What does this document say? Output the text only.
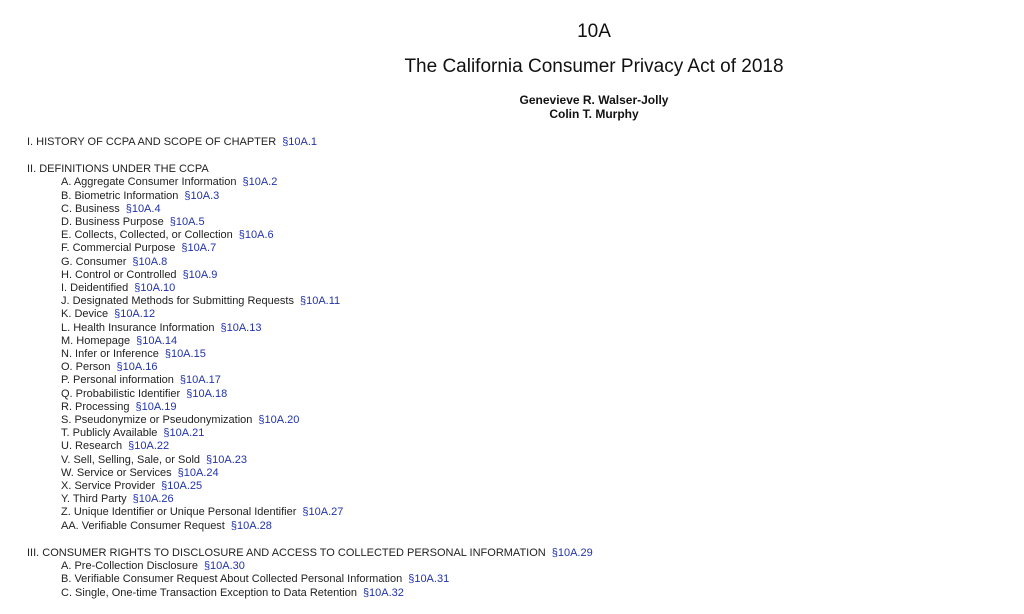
10A
The California Consumer Privacy Act of 2018
Genevieve R. Walser-Jolly
Colin T. Murphy
I. HISTORY OF CCPA AND SCOPE OF CHAPTER §10A.1
II. DEFINITIONS UNDER THE CCPA
A. Aggregate Consumer Information §10A.2
B. Biometric Information §10A.3
C. Business §10A.4
D. Business Purpose §10A.5
E. Collects, Collected, or Collection §10A.6
F. Commercial Purpose §10A.7
G. Consumer §10A.8
H. Control or Controlled §10A.9
I. Deidentified §10A.10
J. Designated Methods for Submitting Requests §10A.11
K. Device §10A.12
L. Health Insurance Information §10A.13
M. Homepage §10A.14
N. Infer or Inference §10A.15
O. Person §10A.16
P. Personal information §10A.17
Q. Probabilistic Identifier §10A.18
R. Processing §10A.19
S. Pseudonymize or Pseudonymization §10A.20
T. Publicly Available §10A.21
U. Research §10A.22
V. Sell, Selling, Sale, or Sold §10A.23
W. Service or Services §10A.24
X. Service Provider §10A.25
Y. Third Party §10A.26
Z. Unique Identifier or Unique Personal Identifier §10A.27
AA. Verifiable Consumer Request §10A.28
III. CONSUMER RIGHTS TO DISCLOSURE AND ACCESS TO COLLECTED PERSONAL INFORMATION §10A.29
A. Pre-Collection Disclosure §10A.30
B. Verifiable Consumer Request About Collected Personal Information §10A.31
C. Single, One-time Transaction Exception to Data Retention §10A.32
